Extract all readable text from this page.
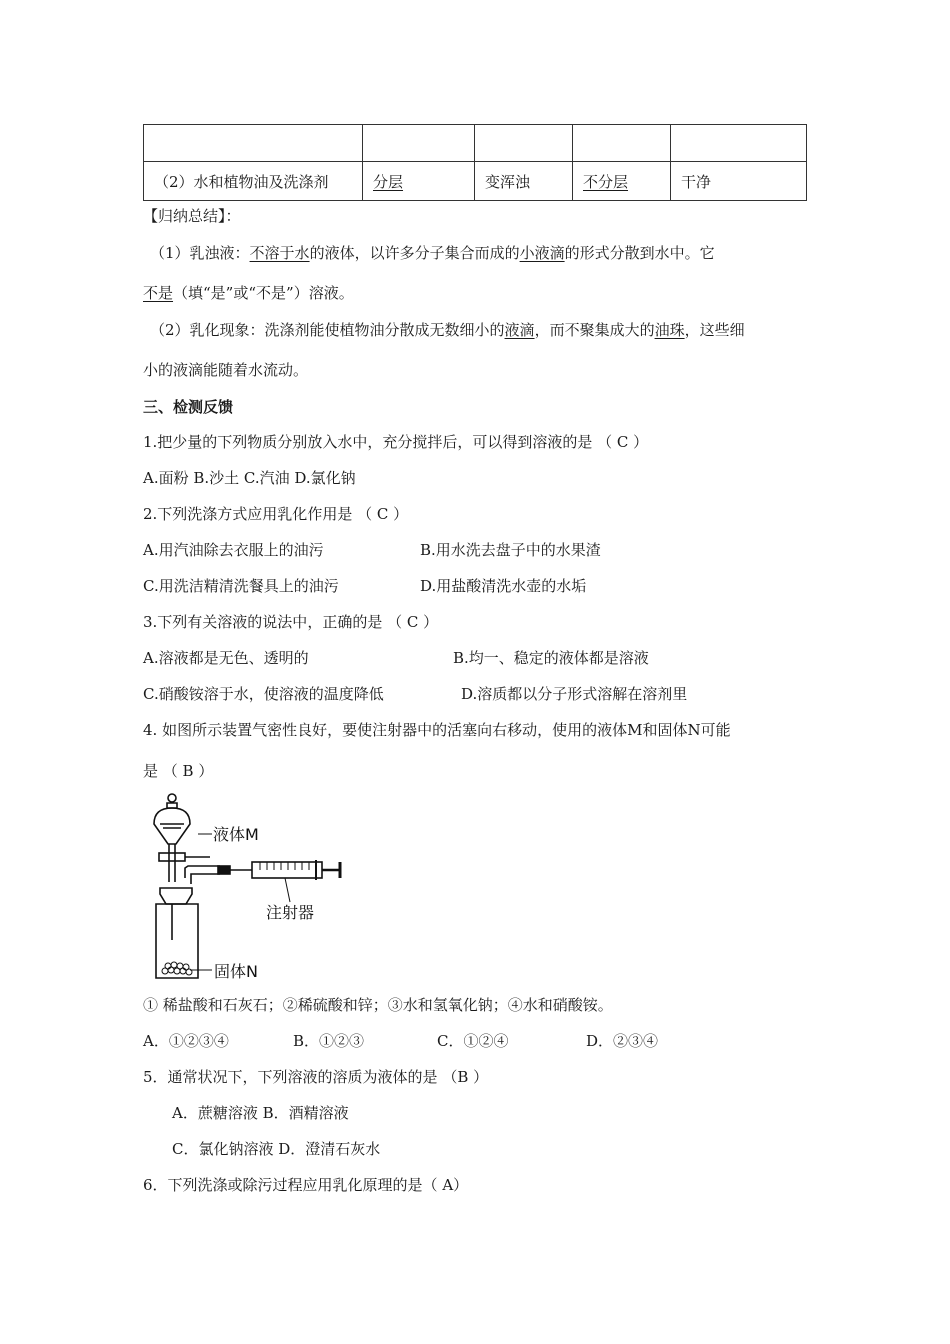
（2）水和植物油及洗涤剂	分层	变浑浊	不分层	干净
【归纳总结】：
（1）乳浊液：不溶于水的液体，以许多分子集合而成的小液滴的形式分散到水中。它
不是（填“是”或“不是”）溶液。
（2）乳化现象：洗涤剂能使植物油分散成无数细小的液滴，而不聚集成大的油珠，这些细
小的液滴能随着水流动。
三、检测反馈
1.把少量的下列物质分别放入水中，充分搅拌后，可以得到溶液的是 （ C ）
A.面粉 B.沙土 C.汽油 D.氯化钠
2.下列洗涤方式应用乳化作用是 （ C ）
A.用汽油除去衣服上的油污	B.用水洗去盘子中的水果渣
C.用洗洁精清洗餐具上的油污	D.用盐酸清洗水壶的水垢
3.下列有关溶液的说法中，正确的是 （ C ）
A.溶液都是无色、透明的	B.均一、稳定的液体都是溶液
C.硝酸铵溶于水，使溶液的温度降低	D.溶质都以分子形式溶解在溶剂里
4. 如图所示装置气密性良好，要使注射器中的活塞向右移动，使用的液体M和固体N可能
是 （ B ）
液体M
注射器
固体N
① 稀盐酸和石灰石；②稀硫酸和锌；③水和氢氧化钠；④水和硝酸铵。
A．①②③④	B．①②③	C．①②④	D．②③④
5．通常状况下，下列溶液的溶质为液体的是 （B ）
A．蔗糖溶液 B．酒精溶液
C．氯化钠溶液 D．澄清石灰水
6．下列洗涤或除污过程应用乳化原理的是（ A）
